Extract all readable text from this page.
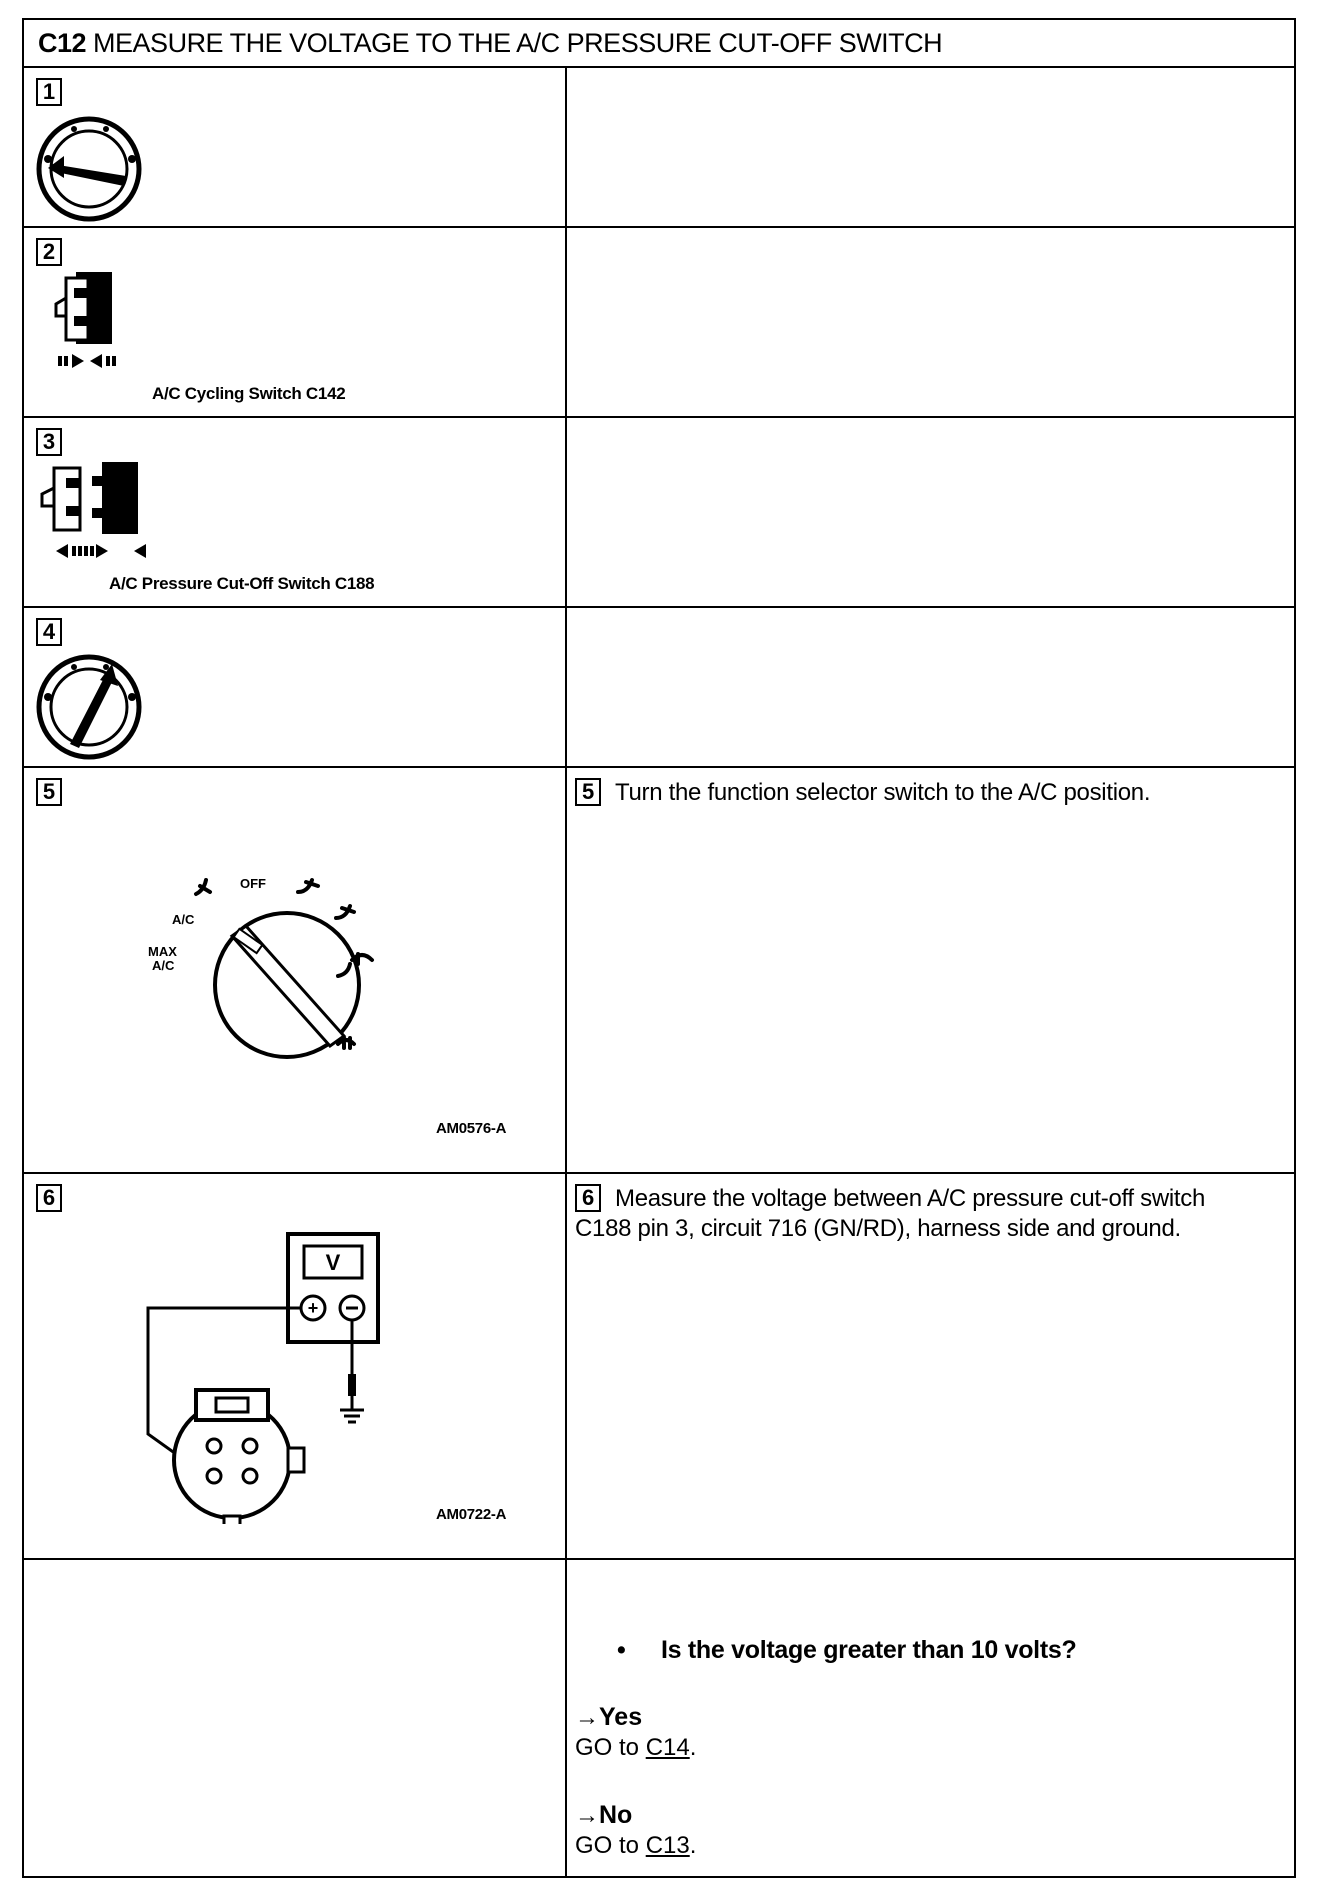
C12 MEASURE THE VOLTAGE TO THE A/C PRESSURE CUT-OFF SWITCH
1
2
A/C Cycling Switch C142
3
A/C Pressure Cut-Off Switch C188
4
5
OFF
A/C
MAX
A/C
AM0576-A
5 Turn the function selector switch to the A/C position.
6
V
+
AM0722-A
6 Measure the voltage between A/C pressure cut-off switch C188 pin 3, circuit 716 (GN/RD), harness side and ground.
• Is the voltage greater than 10 volts?
→Yes
GO to C14.
→No
GO to C13.
